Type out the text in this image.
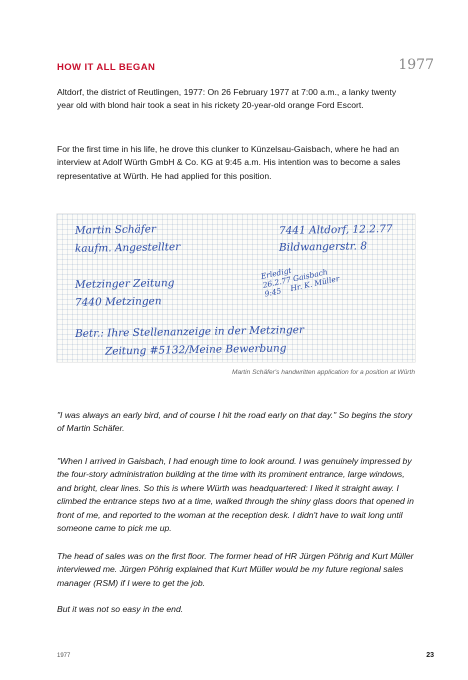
HOW IT ALL BEGAN	1977

Altdorf, the district of Reutlingen, 1977: On 26 February 1977 at 7:00 a.m., a lanky twenty year old with blond hair took a seat in his rickety 20-year-old orange Ford Escort.

For the first time in his life, he drove this clunker to Künzelsau-Gaisbach, where he had an interview at Adolf Würth GmbH & Co. KG at 9:45 a.m. His intention was to become a sales representative at Würth. He had applied for this position.

Martin Schäfer
kaufm. Angestellter
7441 Altdorf, 12.2.77
Bildwangerstr. 8
Metzinger Zeitung
7440 Metzingen
Erledigt
26.2.77 Gaisbach
9:45    Hr. K. Müller
Betr.: Ihre Stellenanzeige in der Metzinger
Zeitung #5132/Meine Bewerbung
Martin Schäfer's handwritten application for a position at Würth

"I was always an early bird, and of course I hit the road early on that day." So begins the story of Martin Schäfer.

"When I arrived in Gaisbach, I had enough time to look around. I was genuinely impressed by the four-story administration building at the time with its prominent entrance, large windows, and bright, clear lines. So this is where Würth was headquartered: I liked it straight away. I climbed the entrance steps two at a time, walked through the shiny glass doors that opened in front of me, and reported to the woman at the reception desk. I didn't have to wait long until someone came to pick me up.

The head of sales was on the first floor. The former head of HR Jürgen Pöhrig and Kurt Müller interviewed me. Jürgen Pöhrig explained that Kurt Müller would be my future regional sales manager (RSM) if I were to get the job.

But it was not so easy in the end.

1977	23
